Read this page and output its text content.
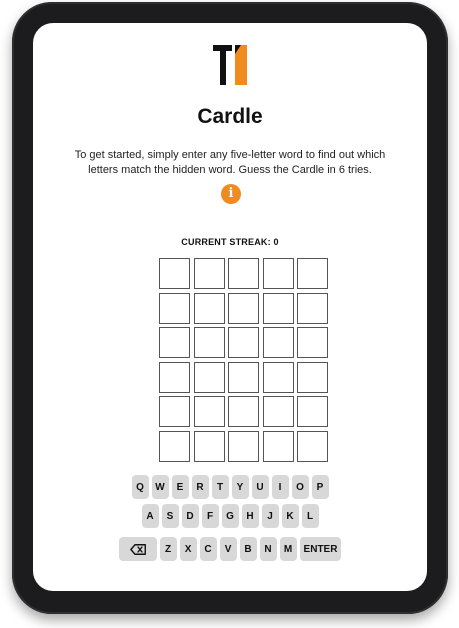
Cardle
To get started, simply enter any five-letter word to find out which letters match the hidden word. Guess the Cardle in 6 tries.
i
CURRENT STREAK: 0
Q	W	E	R	T	Y	U	I	O	P
A	S	D	F	G	H	J	K	L
Z	X	C	V	B	N	M	ENTER
